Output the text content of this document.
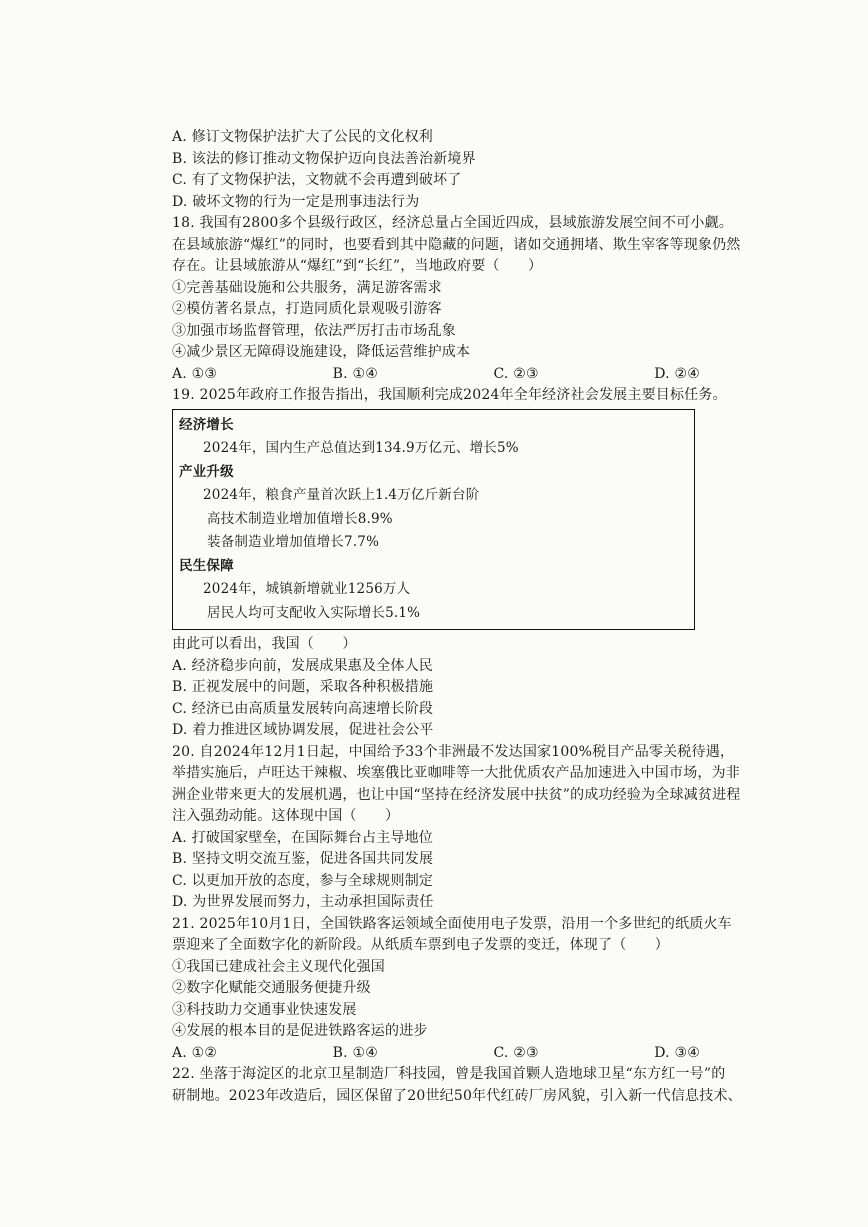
A. 修订文物保护法扩大了公民的文化权利
B. 该法的修订推动文物保护迈向良法善治新境界
C. 有了文物保护法，文物就不会再遭到破坏了
D. 破坏文物的行为一定是刑事违法行为
18. 我国有2800多个县级行政区，经济总量占全国近四成，县域旅游发展空间不可小觑。
在县域旅游“爆红”的同时，也要看到其中隐藏的问题，诸如交通拥堵、欺生宰客等现象仍然
存在。让县域旅游从“爆红”到“长红”，当地政府要（　　）
①完善基础设施和公共服务，满足游客需求
②模仿著名景点，打造同质化景观吸引游客
③加强市场监督管理，依法严厉打击市场乱象
④减少景区无障碍设施建设，降低运营维护成本
A. ①③	B. ①④	C. ②③	D. ②④
19. 2025年政府工作报告指出，我国顺利完成2024年全年经济社会发展主要目标任务。
经济增长
2024年，国内生产总值达到134.9万亿元、增长5%
产业升级
2024年，粮食产量首次跃上1.4万亿斤新台阶
高技术制造业增加值增长8.9%
装备制造业增加值增长7.7%
民生保障
2024年，城镇新增就业1256万人
居民人均可支配收入实际增长5.1%
由此可以看出，我国（　　）
A. 经济稳步向前，发展成果惠及全体人民
B. 正视发展中的问题，采取各种积极措施
C. 经济已由高质量发展转向高速增长阶段
D. 着力推进区域协调发展，促进社会公平
20. 自2024年12月1日起，中国给予33个非洲最不发达国家100%税目产品零关税待遇，
举措实施后，卢旺达干辣椒、埃塞俄比亚咖啡等一大批优质农产品加速进入中国市场，为非
洲企业带来更大的发展机遇，也让中国“坚持在经济发展中扶贫”的成功经验为全球减贫进程
注入强劲动能。这体现中国（　　）
A. 打破国家壁垒，在国际舞台占主导地位
B. 坚持文明交流互鉴，促进各国共同发展
C. 以更加开放的态度，参与全球规则制定
D. 为世界发展而努力，主动承担国际责任
21. 2025年10月1日，全国铁路客运领域全面使用电子发票，沿用一个多世纪的纸质火车
票迎来了全面数字化的新阶段。从纸质车票到电子发票的变迁，体现了（　　）
①我国已建成社会主义现代化强国
②数字化赋能交通服务便捷升级
③科技助力交通事业快速发展
④发展的根本目的是促进铁路客运的进步
A. ①②	B. ①④	C. ②③	D. ③④
22. 坐落于海淀区的北京卫星制造厂科技园，曾是我国首颗人造地球卫星“东方红一号”的
研制地。2023年改造后，园区保留了20世纪50年代红砖厂房风貌，引入新一代信息技术、
